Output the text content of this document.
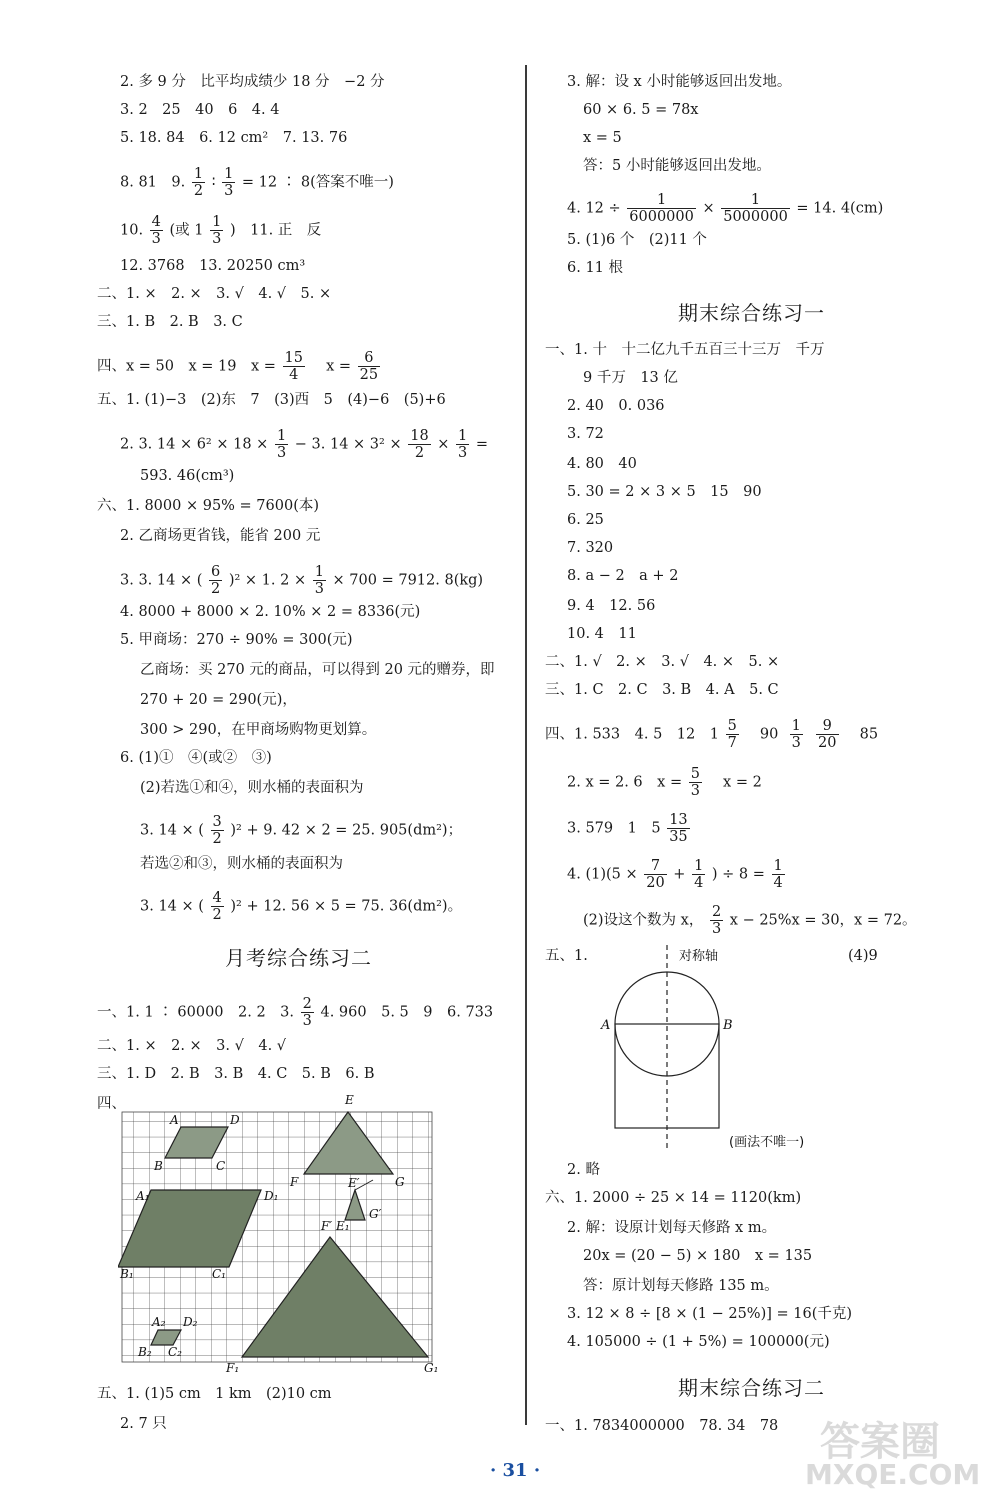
2. 多 9 分　比平均成绩少 18 分　−2 分
3. 2　25　40　6　4. 4
5. 18. 84　6. 12 cm²　7. 13. 76
8. 81　9. $\frac{1}{2}$ ∶ $\frac{1}{3} = 12$ ∶ 8(答案不唯一)
10. $\frac{4}{3}$ (或 $1 \frac{1}{3}$ )　11. 正　反
12. 3768　13. 20250 cm³
二、1. ×　2. ×　3. √　4. √　5. ×
三、1. B　2. B　3. C
四、x = 50　x = 19　$x = \frac{15}{4}$ 　$x = \frac{6}{25}$
五、1. (1)−3　(2)东　7　(3)西　5　(4)−6　(5)+6
2. 3. $14 \times 6^2 \times 18 \times \frac{1}{3} - 3$. $14 \times 3^2 \times \frac{18}{2} \times \frac{1}{3}$ =
593. 46(cm³)
六、1. 8000 × 95% = 7600(本)
2. 乙商场更省钱，能省 200 元
3. 3. 14 × ( $\frac{6}{2} )^2 \times 1$. $2 \times \frac{1}{3} \times 700 = 7912$. 8(kg)
4. 8000 + 8000 × 2. 10% × 2 = 8336(元)
5. 甲商场：270 ÷ 90% = 300(元)
乙商场：买 270 元的商品，可以得到 20 元的赠券，即
270 + 20 = 290(元)，
300 > 290，在甲商场购物更划算。
6. (1)①　④(或②　③)
(2)若选①和④，则水桶的表面积为
3. 14 × ( $\frac{3}{2} )^2 + 9$. 42 × 2 = 25. 905(dm²)；
若选②和③，则水桶的表面积为
3. 14 × ( $\frac{4}{2} )^2 + 12$. 56 × 5 = 75. 36(dm²)。
月考综合练习二
一、1. 1 ∶ 60000　2. 2　3. $\frac{2}{3} 4$. 960　5. 5　9　6. 733
二、1. ×　2. ×　3. √　4. √
三、1. D　2. B　3. B　4. C　5. B　6. B
四、
A	D
B	C
E
F	G
A₁	D₁
B₁	C₁
E′
F′
G′
A₂ D₂
B₂ C₂
E₁
F₁	G₁
五、1. (1)5 cm　1 km　(2)10 cm
2. 7 只
3. 解：设 x 小时能够返回出发地。
60 × 6. 5 = 78x
x = 5
答：5 小时能够返回出发地。
4. $12 \div \frac{1}{6000000} \times \frac{1}{5000000} = 14$. 4(cm)
5. (1)6 个　(2)11 个
6. 11 根
期末综合练习一
一、1. 十　十二亿九千五百三十三万　千万
9 千万　13 亿
2. 40　0. 036
3. 72
4. 80　40
5. 30 = 2 × 3 × 5　15　90
6. 25
7. 320
8. a − 2　a + 2
9. 4　12. 56
10. 4　11
二、1. √　2. ×　3. √　4. ×　5. ×
三、1. C　2. C　3. B　4. A　5. C
四、1. 533　4. 5　12　$1 \frac{5}{7}$ 　$90 \frac{1}{3}$
$\frac{9}{20}$ 　85
2. x = 2. 6　$x = \frac{5}{3}$ 　x = 2
3. 579　1　$5 \frac{13}{35}$
4. $(1)(5 \times \frac{7}{20} + \frac{1}{4}$ ) ÷ $8 = \frac{1}{4}$
(2)设这个数为 x， $\frac{2}{3}$ x − 25%x = 30，x = 72。
五、1.	(4)9
对称轴
A	B
(画法不唯一)
2. 略
六、1. 2000 ÷ 25 × 14 = 1120(km)
2. 解：设原计划每天修路 x m。
20x = (20 − 5) × 180　x = 135
答：原计划每天修路 135 m。
3. 12 × 8 ÷ [8 × (1 − 25%)] = 16(千克)
4. 105000 ÷ (1 + 5%) = 100000(元)
期末综合练习二
一、1. 7834000000　78. 34　78
· 31 ·
答案圈
MXQE.COM
